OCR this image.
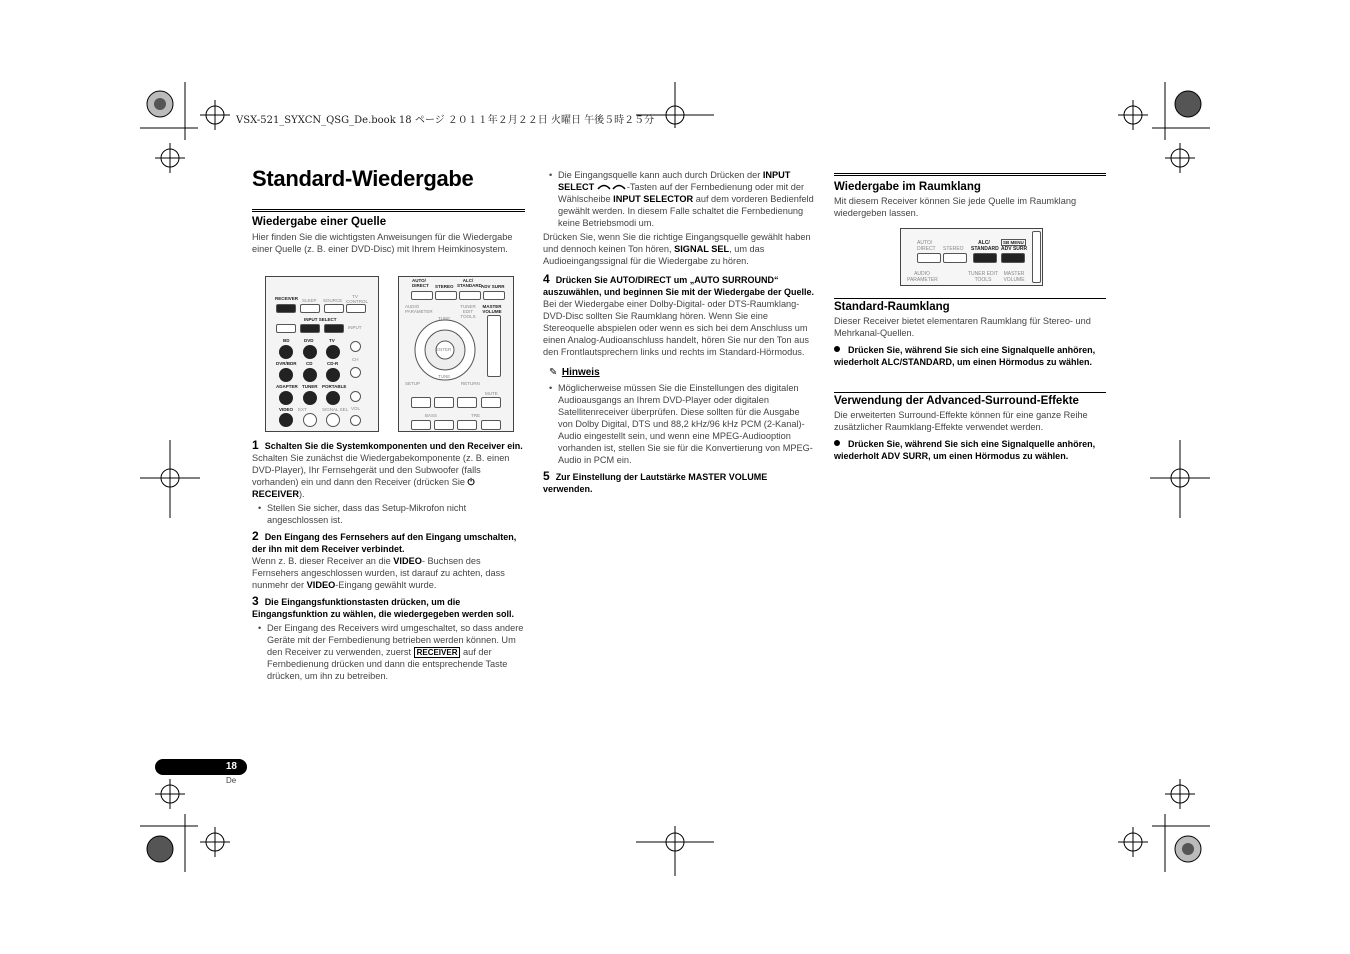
VSX-521_SYXCN_QSG_De.book 18 ページ ２０１１年２月２２日 火曜日 午後５時２５分
Standard-Wiedergabe

Wiedergabe einer Quelle

Hier finden Sie die wichtigsten Anweisungen für die Wiedergabe einer Quelle (z. B. einer DVD-Disc) mit Ihrem Heimkinosystem.

RECEIVER SLEEP SOURCE
TV CONTROL
INPUT SELECT
INPUT
BD	DVD	TV
DVR/BDR CD	CD-R
ADAPTER TUNER PORTABLE
VIDEO EXT	SIGNAL SEL
CH
VOL
AUTO/ DIRECT	STEREO
ALC/ STANDARD ADV SURR
AUDIO PARAMETER
TUNER EDIT TOOLS
MASTER VOLUME
TUNE
TUNE
ENTER
SETUP	RETURN
MUTE
BASS	TRE

1 Schalten Sie die Systemkomponenten und den Receiver ein.

Schalten Sie zunächst die Wiedergabekomponente (z. B. einen DVD-Player), Ihr Fernsehgerät und den Subwoofer (falls vorhanden) ein und dann den Receiver (drücken Sie ⏻ RECEIVER).

• Stellen Sie sicher, dass das Setup-Mikrofon nicht angeschlossen ist.

2 Den Eingang des Fernsehers auf den Eingang umschalten, der ihn mit dem Receiver verbindet.

Wenn z. B. dieser Receiver an die VIDEO- Buchsen des Fernsehers angeschlossen wurden, ist darauf zu achten, dass nunmehr der VIDEO-Eingang gewählt wurde.

3 Die Eingangsfunktionstasten drücken, um die Eingangsfunktion zu wählen, die wiedergegeben werden soll.

• Der Eingang des Receivers wird umgeschaltet, so dass andere Geräte mit der Fernbedienung betrieben werden können. Um den Receiver zu verwenden, zuerst RECEIVER auf der Fernbedienung drücken und dann die entsprechende Taste drücken, um ihn zu betreiben.

• Die Eingangsquelle kann auch durch Drücken der INPUT SELECT	-Tasten auf der Fernbedienung oder mit der Wählscheibe INPUT SELECTOR auf dem vorderen Bedienfeld gewählt werden. In diesem Falle schaltet die Fernbedienung keine Betriebsmodi um.

Drücken Sie, wenn Sie die richtige Eingangsquelle gewählt haben und dennoch keinen Ton hören, SIGNAL SEL, um das Audioeingangssignal für die Wiedergabe zu hören.

4 Drücken Sie AUTO/DIRECT um „AUTO SURROUND“ auszuwählen, und beginnen Sie mit der Wiedergabe der Quelle.

Bei der Wiedergabe einer Dolby-Digital- oder DTS-Raumklang-DVD-Disc sollten Sie Raumklang hören. Wenn Sie eine Stereoquelle abspielen oder wenn es sich bei dem Anschluss um einen Analog-Audioanschluss handelt, hören Sie nur den Ton aus den Frontlautsprechern links und rechts im Standard-Hörmodus.

✎ Hinweis

• Möglicherweise müssen Sie die Einstellungen des digitalen Audioausgangs an Ihrem DVD-Player oder digitalen Satellitenreceiver überprüfen. Diese sollten für die Ausgabe von Dolby Digital, DTS und 88,2 kHz/96 kHz PCM (2-Kanal)-Audio eingestellt sein, und wenn eine MPEG-Audiooption vorhanden ist, stellen Sie sie für die Konvertierung von MPEG-Audio in PCM ein.

5 Zur Einstellung der Lautstärke MASTER VOLUME verwenden.

Wiedergabe im Raumklang

Mit diesem Receiver können Sie jede Quelle im Raumklang wiedergeben lassen.

AUTO/ DIRECT	STEREO
ALC/ STANDARD
SB MENU
ADV SURR
AUDIO PARAMETER
TUNER EDIT TOOLS
MASTER VOLUME

Standard-Raumklang

Dieser Receiver bietet elementaren Raumklang für Stereo- und Mehrkanal-Quellen.

Drücken Sie, während Sie sich eine Signalquelle anhören, wiederholt ALC/STANDARD, um einen Hörmodus zu wählen.

Verwendung der Advanced-Surround-Effekte

Die erweiterten Surround-Effekte können für eine ganze Reihe zusätzlicher Raumklang-Effekte verwendet werden.

Drücken Sie, während Sie sich eine Signalquelle anhören, wiederholt ADV SURR, um einen Hörmodus zu wählen.

18
De
